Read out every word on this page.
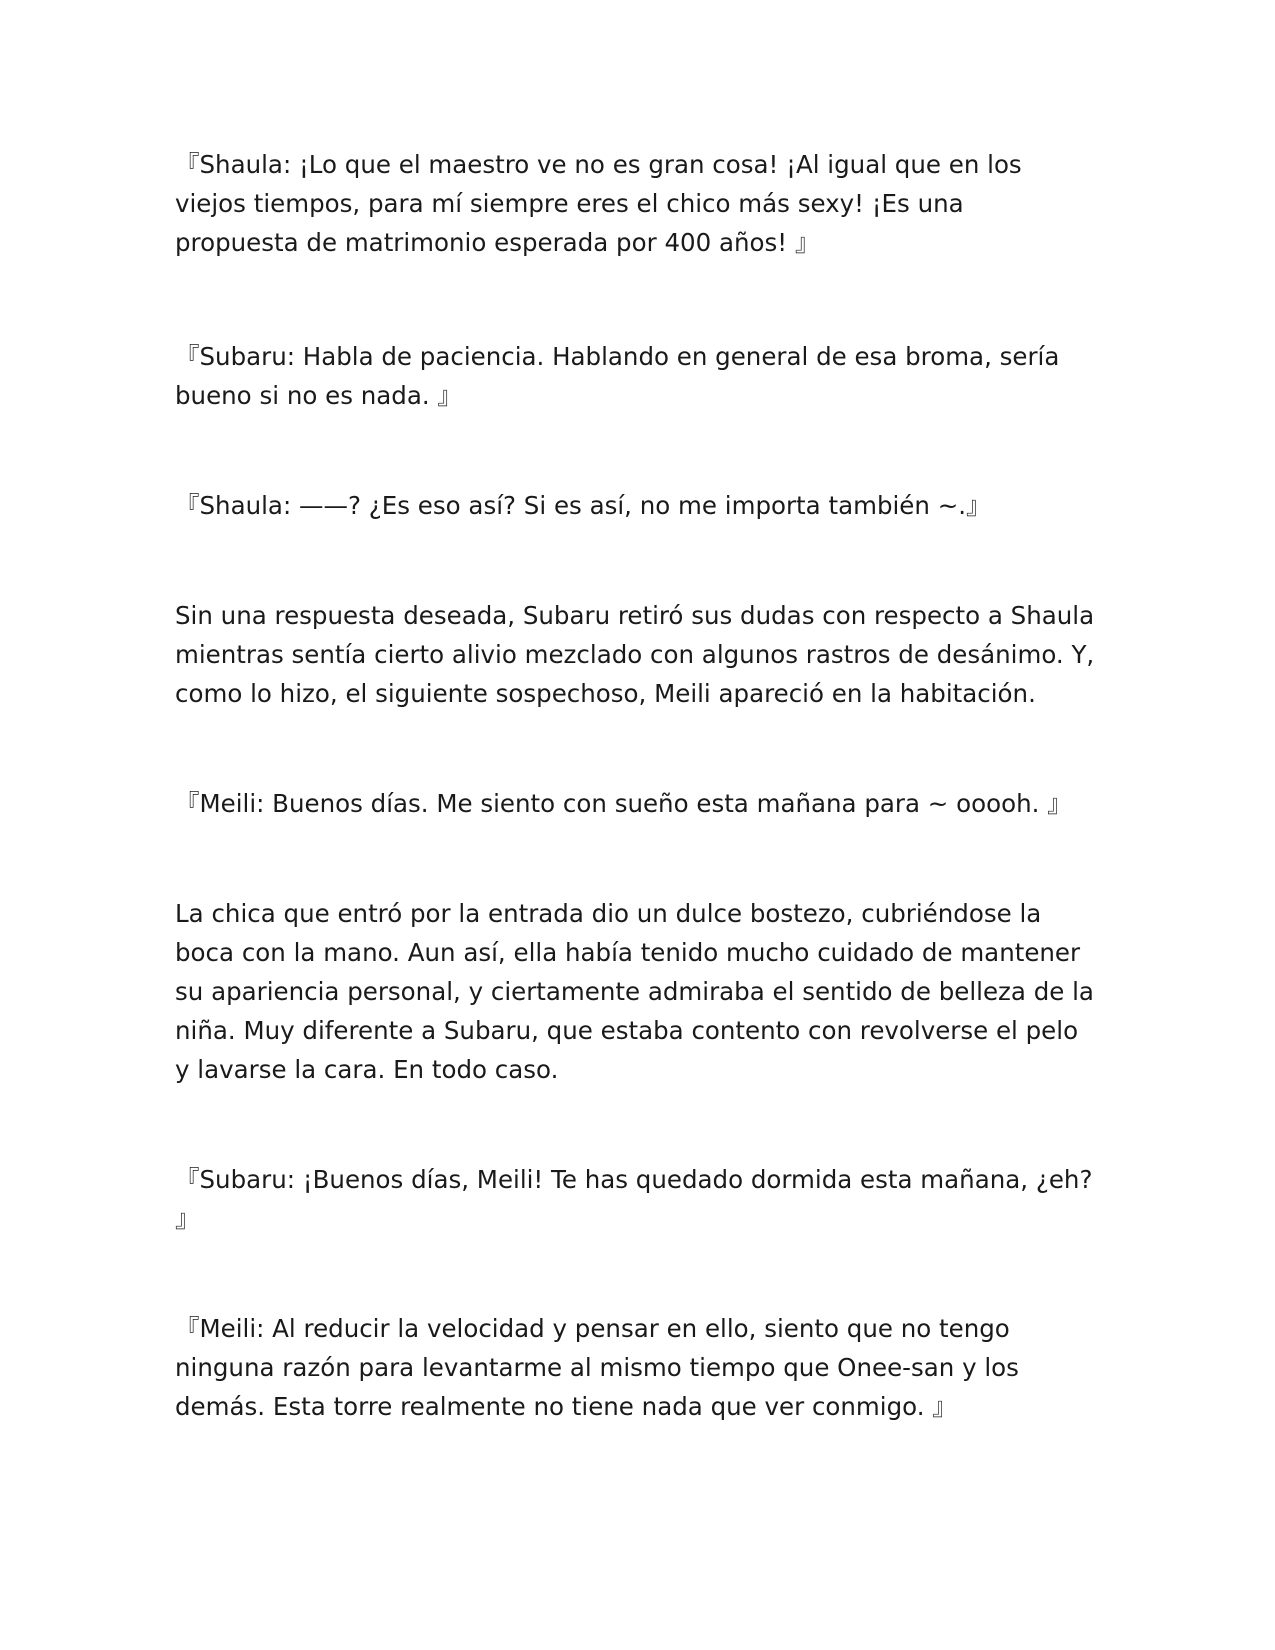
『Shaula: ¡Lo que el maestro ve no es gran cosa! ¡Al igual que en los viejos tiempos, para mí siempre eres el chico más sexy! ¡Es una propuesta de matrimonio esperada por 400 años! 』

『Subaru: Habla de paciencia. Hablando en general de esa broma, sería bueno si no es nada. 』

『Shaula: ——? ¿Es eso así? Si es así, no me importa también ~.』

Sin una respuesta deseada, Subaru retiró sus dudas con respecto a Shaula mientras sentía cierto alivio mezclado con algunos rastros de desánimo. Y, como lo hizo, el siguiente sospechoso, Meili apareció en la habitación.

『Meili: Buenos días. Me siento con sueño esta mañana para ~ ooooh. 』

La chica que entró por la entrada dio un dulce bostezo, cubriéndose la boca con la mano. Aun así, ella había tenido mucho cuidado de mantener su apariencia personal, y ciertamente admiraba el sentido de belleza de la niña. Muy diferente a Subaru, que estaba contento con revolverse el pelo y lavarse la cara. En todo caso.

『Subaru: ¡Buenos días, Meili! Te has quedado dormida esta mañana, ¿eh? 』

『Meili: Al reducir la velocidad y pensar en ello, siento que no tengo ninguna razón para levantarme al mismo tiempo que Onee-san y los demás. Esta torre realmente no tiene nada que ver conmigo. 』
